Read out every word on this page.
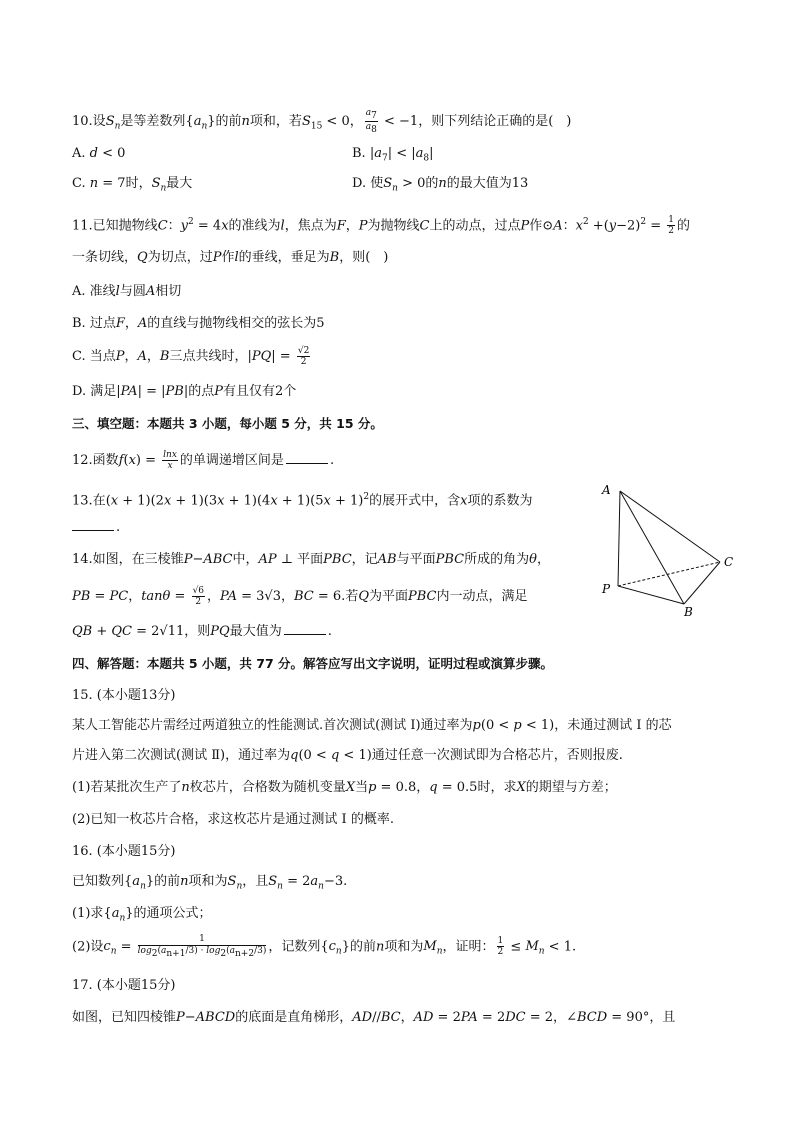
10.设$S_n$是等差数列$\{a_n\}$的前n项和，若$S_{15} < 0$， $\frac{a_7}{a_8} < -1$，则下列结论正确的是(　)
A. d < 0	B. $|a_7| < |a_8|$
C. n = 7时，$S_n$最大	D. 使$S_n > 0$的n的最大值为13
11.已知抛物线C：$y^2 = 4x$的准线为l，焦点为F，P为抛物线C上的动点，过点P作⊙A：$x^2 +(y-2)^2 = \frac{1}{2}$ 的
一条切线，Q为切点，过P作l的垂线，垂足为B，则(　)
A. 准线l与圆A相切
B. 过点F，A的直线与抛物线相交的弦长为5
C. 当点P，A，B三点共线时，$|PQ| = \frac{√2}{2}$
D. 满足|PA| = |PB|的点P有且仅有2个
三、填空题：本题共 3 小题，每小题 5 分，共 15 分。
12.函数$f(x) = \frac{\ln x}{x}$ 的单调递增区间是	.
13.在$(x + 1)(2x + 1)(3x + 1)(4x + 1)(5x + 1)^2$的展开式中，含x项的系数为
.
14.如图，在三棱锥P−ABC中，AP ⊥ 平面PBC，记AB与平面PBC所成的角为θ，
PB = PC，$\tan\theta = \frac{√6}{2}$ ，PA = 3√3，BC = 6.若Q为平面PBC内一动点，满足
QB + QC = 2√11，则PQ最大值为	.
A
P
B
C
四、解答题：本题共 5 小题，共 77 分。解答应写出文字说明，证明过程或演算步骤。
15. (本小题13分)
某人工智能芯片需经过两道独立的性能测试.首次测试(测试 Ⅰ)通过率为p(0 < p < 1)，未通过测试 Ⅰ 的芯
片进入第二次测试(测试 Ⅱ)，通过率为q(0 < q < 1)通过任意一次测试即为合格芯片，否则报废.
(1)若某批次生产了n枚芯片，合格数为随机变量X当p = 0.8，q = 0.5时，求X的期望与方差；
(2)已知一枚芯片合格，求这枚芯片是通过测试 Ⅰ 的概率.
16. (本小题15分)
已知数列$\{a_n\}$的前n项和为$S_n$，且$S_n = 2a_n-3$.
(1)求$\{a_n\}$的通项公式；
(2)设$c_n = \frac{1}{\log_2(a_{n+1}/3) \cdot \log_2(a_{n+2}/3)}$ ，记数列$\{c_n\}$的前n项和为$M_n$，证明： $\frac{1}{2} \le M_n < 1$.
17. (本小题15分)
如图，已知四棱锥P−ABCD的底面是直角梯形，AD//BC，AD = 2PA = 2DC = 2，∠BCD = 90°，且
